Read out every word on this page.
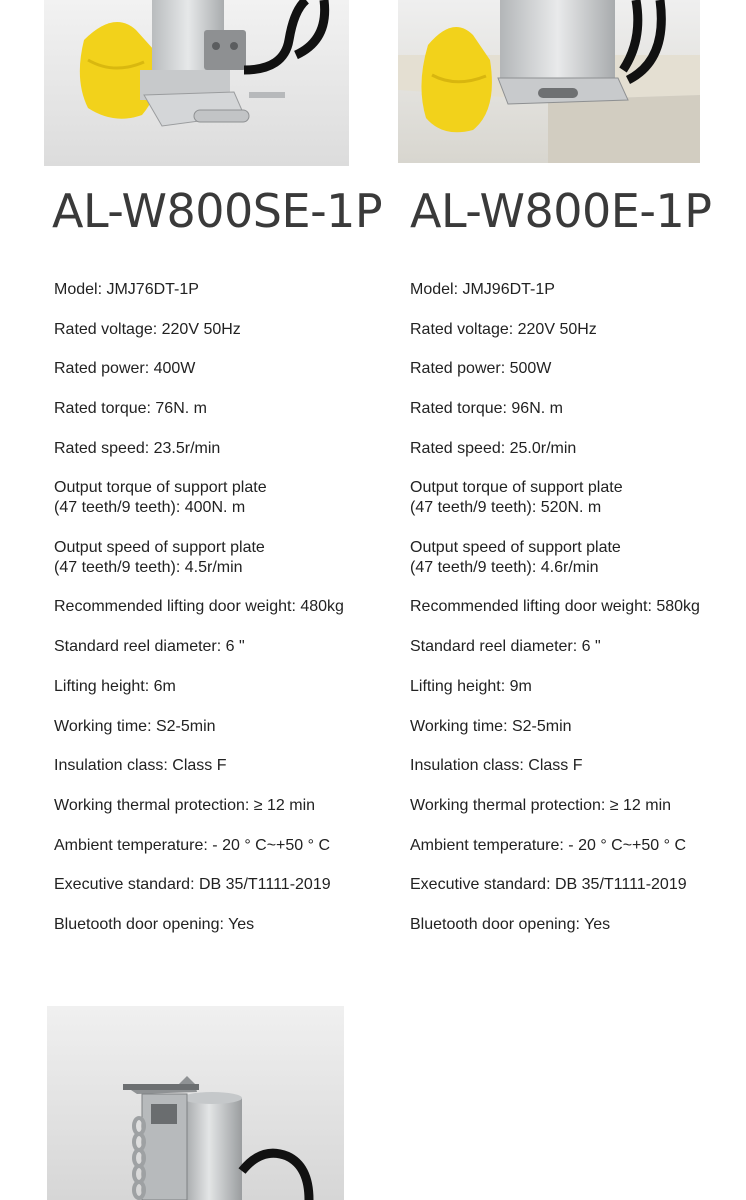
AL-W800SE-1P AL-W800E-1P
Model: JMJ76DT-1P
Rated voltage: 220V 50Hz
Rated power: 400W
Rated torque: 76N. m
Rated speed: 23.5r/min
Output torque of support plate
(47 teeth/9 teeth): 400N. m
Output speed of support plate
(47 teeth/9 teeth): 4.5r/min
Recommended lifting door weight: 480kg
Standard reel diameter: 6 "
Lifting height: 6m
Working time: S2-5min
Insulation class: Class F
Working thermal protection: ≥ 12 min
Ambient temperature: - 20 ° C~+50 ° C
Executive standard: DB 35/T1111-2019
Bluetooth door opening: Yes
Model: JMJ96DT-1P
Rated voltage: 220V 50Hz
Rated power: 500W
Rated torque: 96N. m
Rated speed: 25.0r/min
Output torque of support plate
(47 teeth/9 teeth): 520N. m
Output speed of support plate
(47 teeth/9 teeth): 4.6r/min
Recommended lifting door weight: 580kg
Standard reel diameter: 6 "
Lifting height: 9m
Working time: S2-5min
Insulation class: Class F
Working thermal protection: ≥ 12 min
Ambient temperature: - 20 ° C~+50 ° C
Executive standard: DB 35/T1111-2019
Bluetooth door opening: Yes
